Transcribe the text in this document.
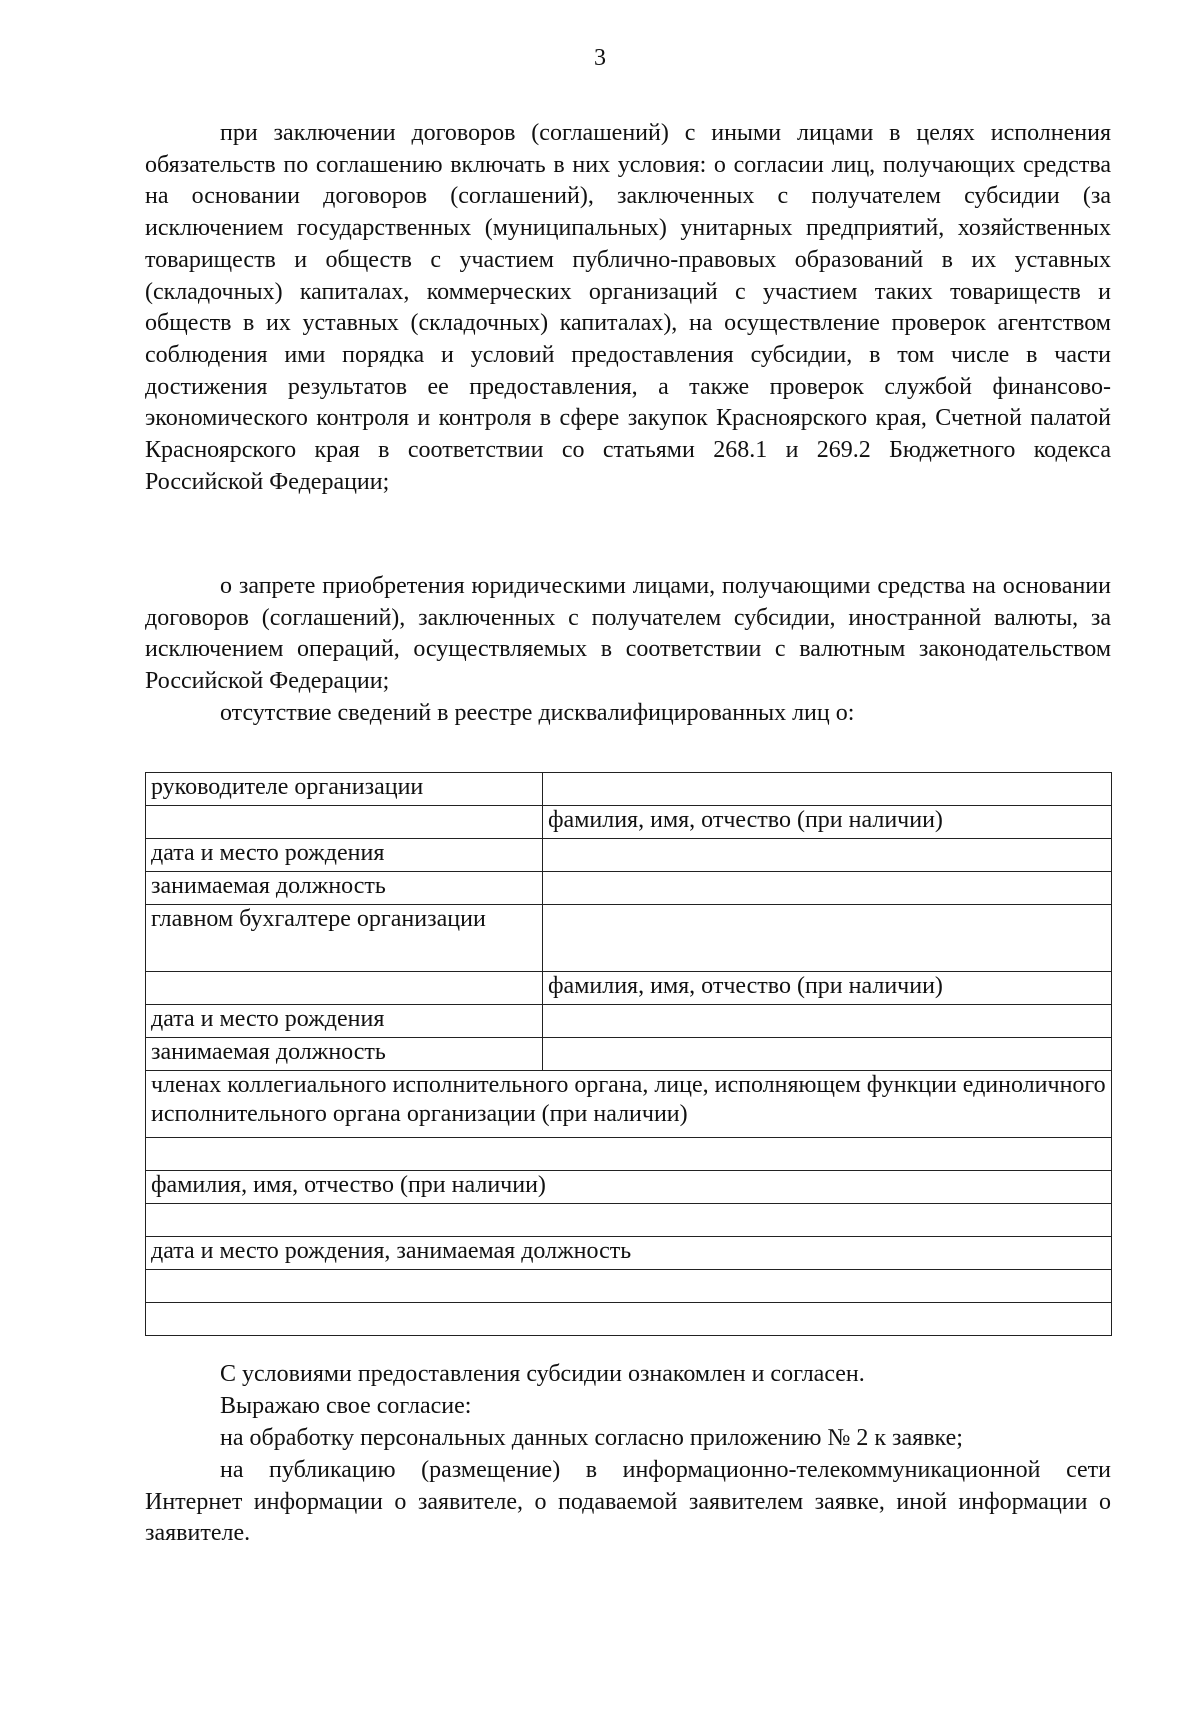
3

при заключении договоров (соглашений) с иными лицами в целях исполнения обязательств по соглашению включать в них условия: о согласии лиц, получающих средства на основании договоров (соглашений), заключенных с получателем субсидии (за исключением государственных (муниципальных) унитарных предприятий, хозяйственных товариществ и обществ с участием публично-правовых образований в их уставных (складочных) капиталах, коммерческих организаций с участием таких товариществ и обществ в их уставных (складочных) капиталах), на осуществление проверок агентством соблюдения ими порядка и условий предоставления субсидии, в том числе в части достижения результатов ее предоставления, а также проверок службой финансово-экономического контроля и контроля в сфере закупок Красноярского края, Счетной палатой Красноярского края в соответствии со статьями 268.1 и 269.2 Бюджетного кодекса Российской Федерации;

о запрете приобретения юридическими лицами, получающими средства на основании договоров (соглашений), заключенных с получателем субсидии, иностранной валюты, за исключением операций, осуществляемых в соответствии с валютным законодательством Российской Федерации;

отсутствие сведений в реестре дисквалифицированных лиц о:

руководителе организации	
	фамилия, имя, отчество (при наличии)
дата и место рождения	
занимаемая должность	
главном бухгалтере организации	
	фамилия, имя, отчество (при наличии)
дата и место рождения	
занимаемая должность	
членах коллегиального исполнительного органа, лице, исполняющем функции единоличного исполнительного органа организации (при наличии)	

фамилия, имя, отчество (при наличии)	

дата и место рождения, занимаемая должность	

С условиями предоставления субсидии ознакомлен и согласен.

Выражаю свое согласие:

на обработку персональных данных согласно приложению № 2 к заявке;

на публикацию (размещение) в информационно-телекоммуникационной сети Интернет информации о заявителе, о подаваемой заявителем заявке, иной информации о заявителе.
